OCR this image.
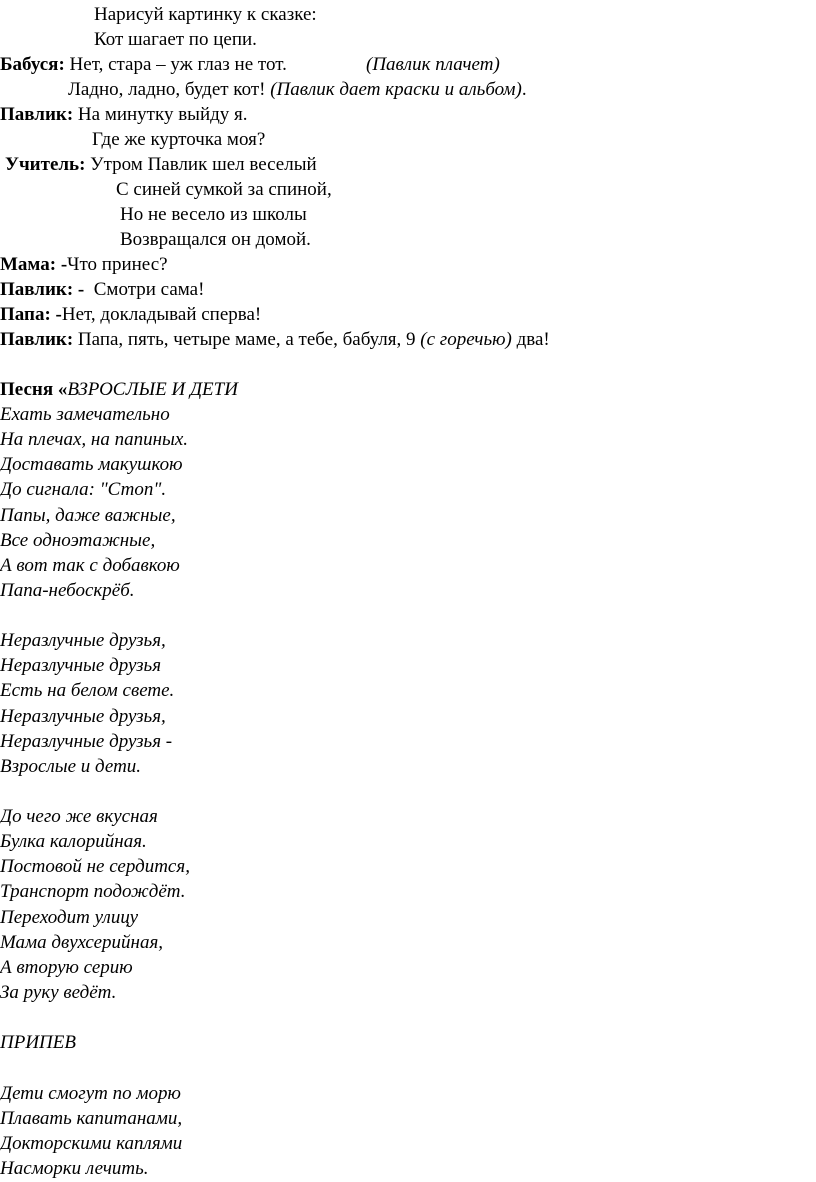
Нарисуй картинку к сказке:
Кот шагает по цепи.
Бабуся: Нет, стара – уж глаз не тот.	(Павлик плачет)
Ладно, ладно, будет кот! (Павлик дает краски и альбом).
Павлик: На минутку выйду я.
Где же курточка моя?
Учитель: Утром Павлик шел веселый
С синей сумкой за спиной,
Но не весело из школы
Возвращался он домой.
Мама: -Что принес?
Павлик: -  Смотри сама!
Папа: -Нет, докладывай сперва!
Павлик: Папа, пять, четыре маме, а тебе, бабуля, 9 (с горечью) два!
Песня «ВЗРОСЛЫЕ И ДЕТИ
Ехать замечательно
На плечах, на папиных.
Доставать макушкою
До сигнала: "Стоп".
Папы, даже важные,
Все одноэтажные,
А вот так с добавкою
Папа-небоскрёб.
Неразлучные друзья,
Неразлучные друзья
Есть на белом свете.
Неразлучные друзья,
Неразлучные друзья -
Взрослые и дети.
До чего же вкусная
Булка калорийная.
Постовой не сердится,
Транспорт подождёт.
Переходит улицу
Мама двухсерийная,
А вторую серию
За руку ведёт.
ПРИПЕВ
Дети смогут по морю
Плавать капитанами,
Докторскими каплями
Насморки лечить.
